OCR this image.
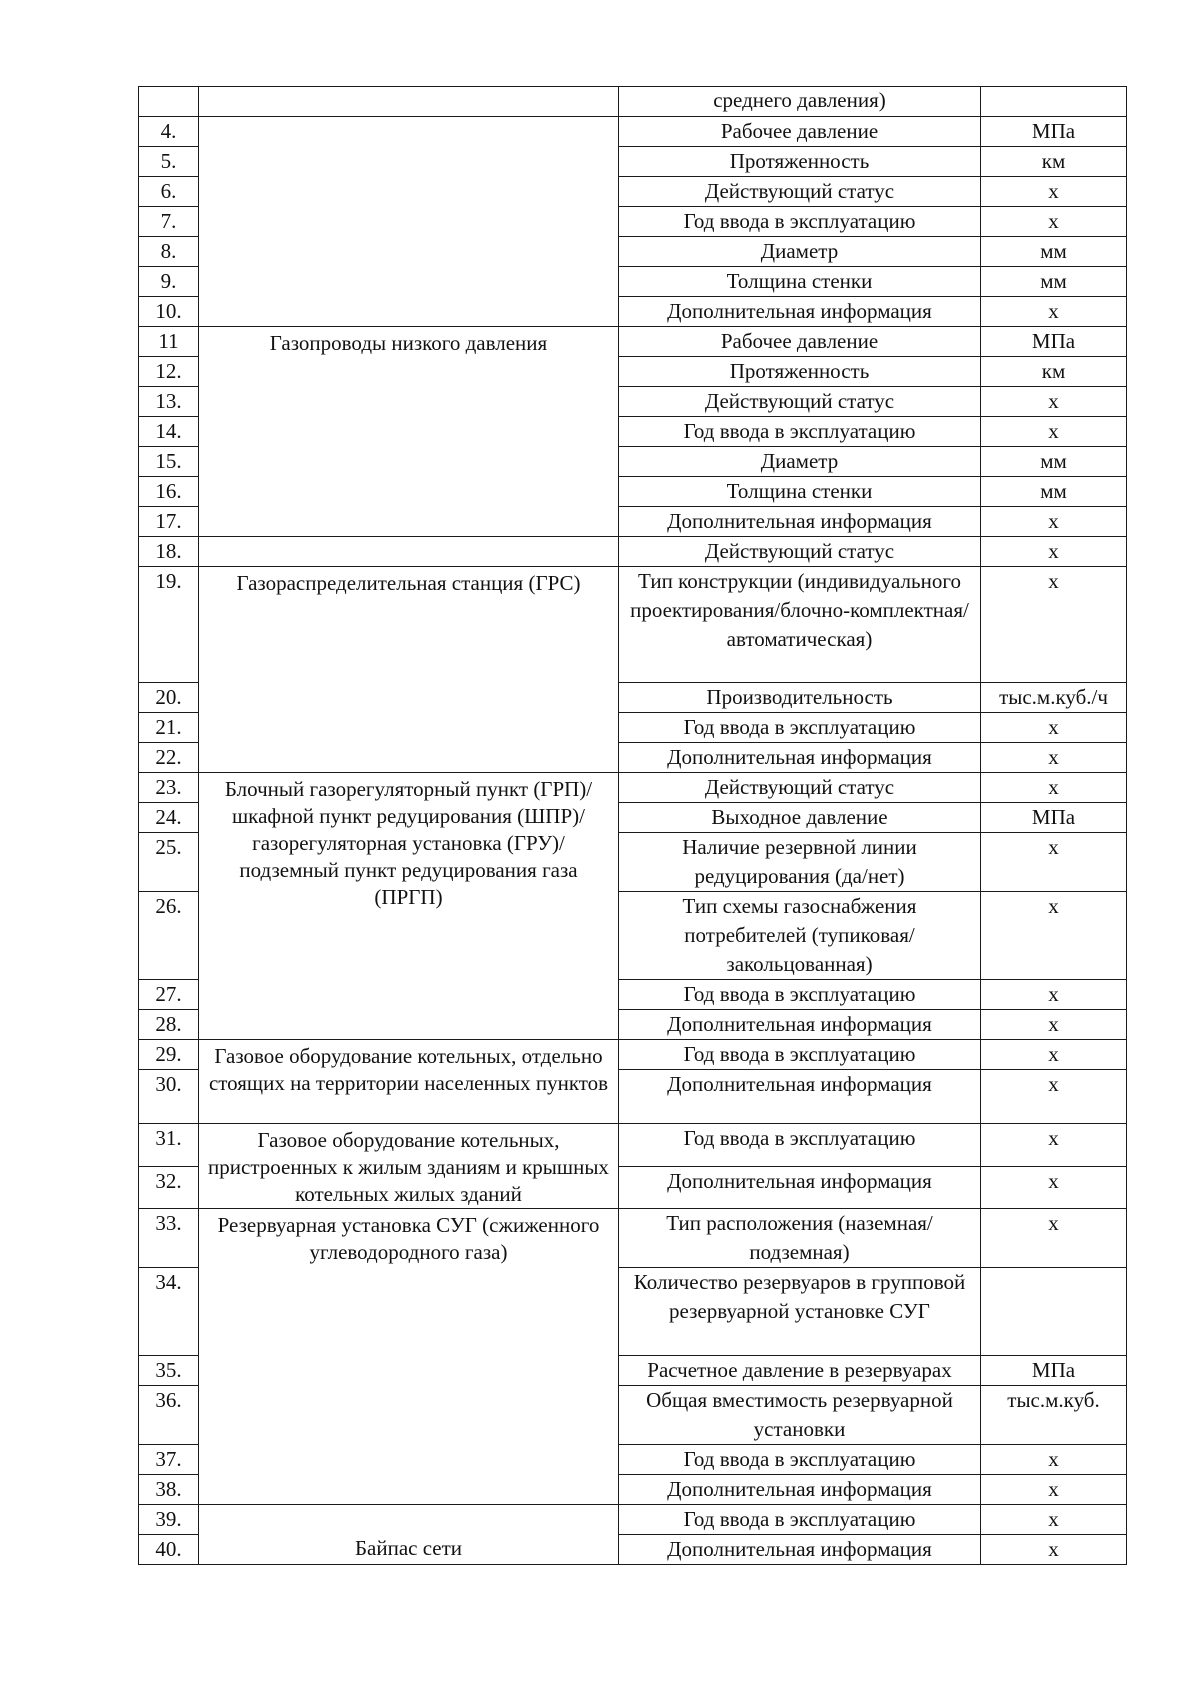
		среднего давления)	
4.		Рабочее давление	МПа
5.		Протяженность	км
6.		Действующий статус	х
7.		Год ввода в эксплуатацию	х
8.		Диаметр	мм
9.		Толщина стенки	мм
10.		Дополнительная информация	х
11	Газопроводы низкого давления	Рабочее давление	МПа
12.		Протяженность	км
13.		Действующий статус	х
14.		Год ввода в эксплуатацию	х
15.		Диаметр	мм
16.		Толщина стенки	мм
17.		Дополнительная информация	х
18.		Действующий статус	х
19.	Газораспределительная станция (ГРС)	Тип конструкции (индивидуального проектирования/блочно-комплектная/автоматическая)	х
20.		Производительность	тыс.м.куб./ч
21.		Год ввода в эксплуатацию	х
22.		Дополнительная информация	х
23.	Блочный газорегуляторный пункт (ГРП)/шкафной пункт редуцирования (ШПР)/газорегуляторная установка (ГРУ)/подземный пункт редуцирования газа (ПРГП)	Действующий статус	х
24.		Выходное давление	МПа
25.		Наличие резервной линии редуцирования (да/нет)	х
26.		Тип схемы газоснабжения потребителей (тупиковая/закольцованная)	х
27.		Год ввода в эксплуатацию	х
28.		Дополнительная информация	х
29.	Газовое оборудование котельных, отдельно стоящих на территории населенных пунктов	Год ввода в эксплуатацию	х
30.		Дополнительная информация	х
31.	Газовое оборудование котельных, пристроенных к жилым зданиям и крышных котельных жилых зданий	Год ввода в эксплуатацию	х
32.		Дополнительная информация	х
33.	Резервуарная установка СУГ (сжиженного углеводородного газа)	Тип расположения (наземная/подземная)	х
34.		Количество резервуаров в групповой резервуарной установке СУГ	
35.		Расчетное давление в резервуарах	МПа
36.		Общая вместимость резервуарной установки	тыс.м.куб.
37.		Год ввода в эксплуатацию	х
38.		Дополнительная информация	х
39.	Байпас сети	Год ввода в эксплуатацию	х
40.		Дополнительная информация	х
